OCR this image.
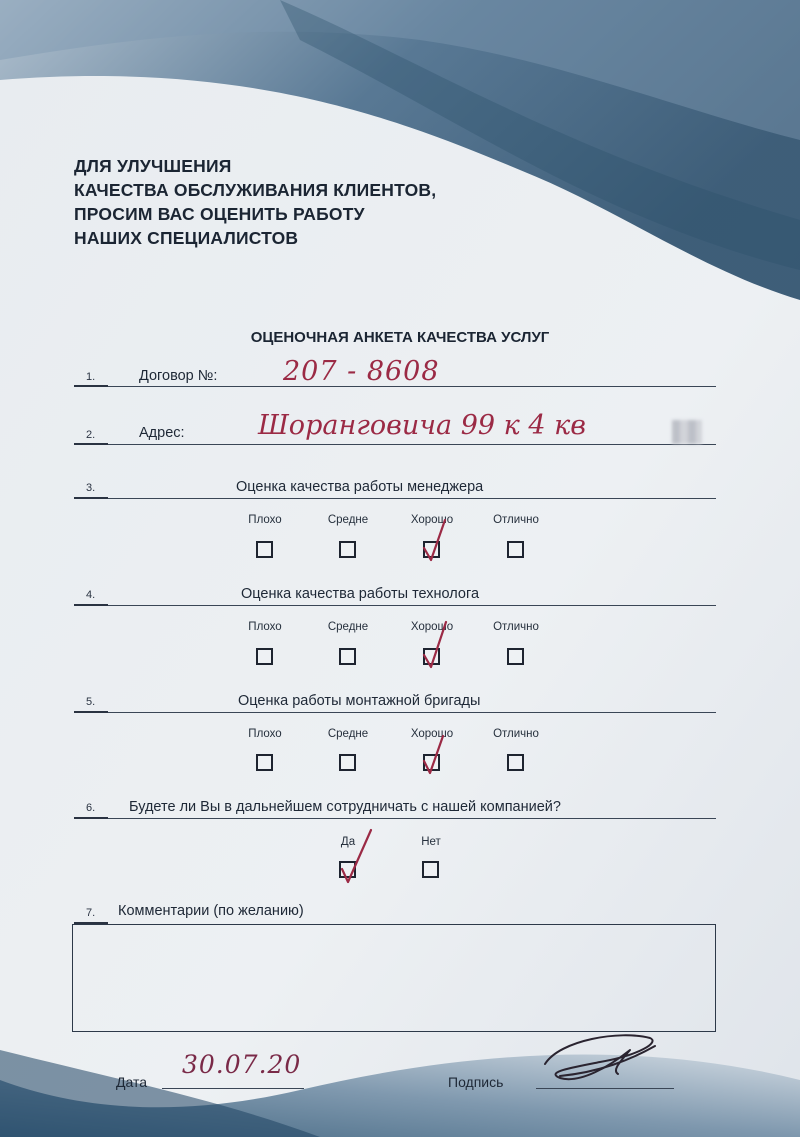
ДЛЯ УЛУЧШЕНИЯ
КАЧЕСТВА ОБСЛУЖИВАНИЯ КЛИЕНТОВ,
ПРОСИМ ВАС ОЦЕНИТЬ РАБОТУ
НАШИХ СПЕЦИАЛИСТОВ
ОЦЕНОЧНАЯ АНКЕТА КАЧЕСТВА УСЛУГ
1.	Договор №: 207 - 8608
2.	Адрес:	Шоранговича 99 к 4 кв
3.	Оценка качества работы менеджера
Плохо	Средне	Хорошо	Отлично
4.	Оценка качества работы технолога
Плохо	Средне	Хорошо	Отлично
5.	Оценка работы монтажной бригады
Плохо	Средне	Хорошо	Отлично
6. Будете ли Вы в дальнейшем сотрудничать с нашей компанией?
Да	Нет
7. Комментарии (по желанию)
Дата
30.07.20
Подпись
